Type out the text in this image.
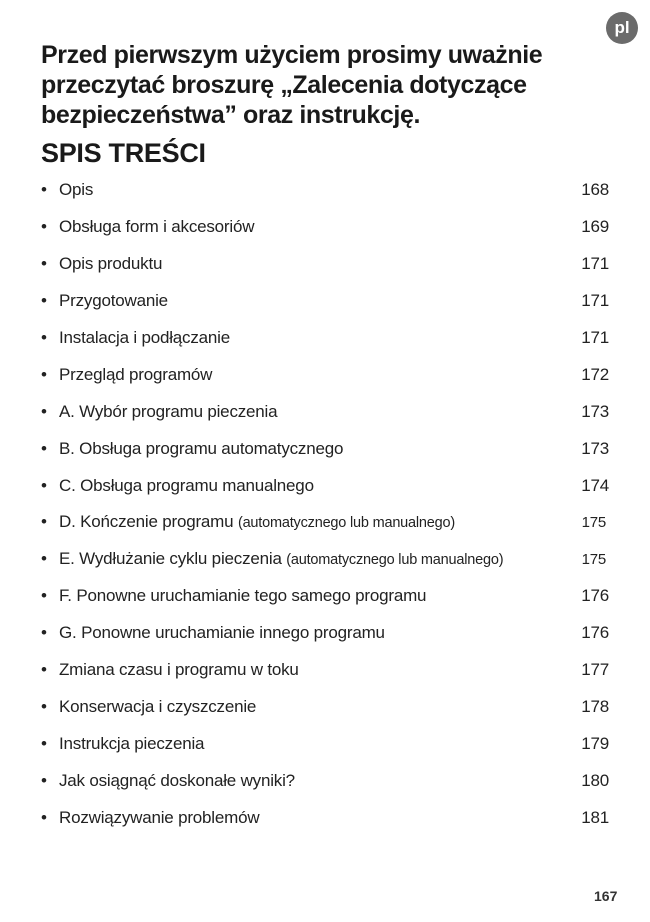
pl
Przed pierwszym użyciem prosimy uważnie
przeczytać broszurę „Zalecenia dotyczące
bezpieczeństwa” oraz instrukcję.
SPIS TREŚCI
• Opis	168
• Obsługa form i akcesoriów	169
• Opis produktu	171
• Przygotowanie	171
• Instalacja i podłączanie	171
• Przegląd programów	172
• A. Wybór programu pieczenia	173
• B. Obsługa programu automatycznego	173
• C. Obsługa programu manualnego	174
• D. Kończenie programu (automatycznego lub manualnego)	175
• E. Wydłużanie cyklu pieczenia (automatycznego lub manualnego)	175
• F. Ponowne uruchamianie tego samego programu	176
• G. Ponowne uruchamianie innego programu	176
• Zmiana czasu i programu w toku	177
• Konserwacja i czyszczenie	178
• Instrukcja pieczenia	179
• Jak osiągnąć doskonałe wyniki?	180
• Rozwiązywanie problemów	181
167
